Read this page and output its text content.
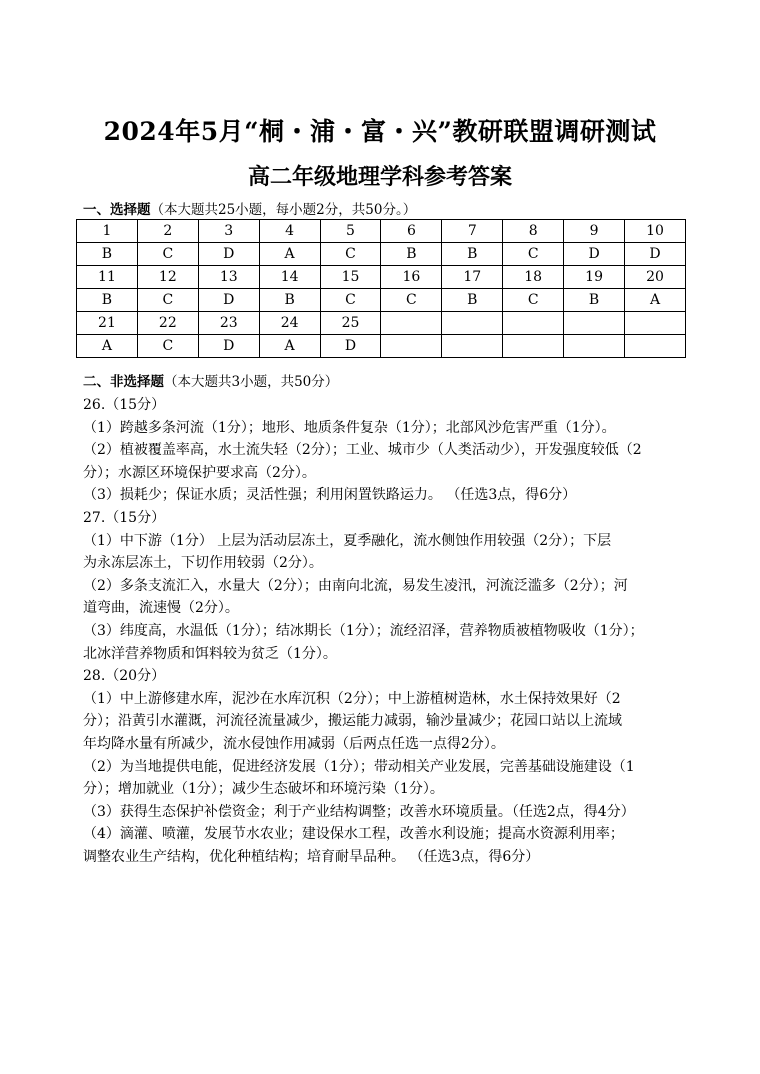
2024年5月“桐・浦・富・兴”教研联盟调研测试
高二年级地理学科参考答案
一、选择题（本大题共25小题，每小题2分，共50分。）
1	2	3	4	5	6	7	8	9	10
B	C	D	A	C	B	B	C	D	D
11	12	13	14	15	16	17	18	19	20
B	C	D	B	C	C	B	C	B	A
21	22	23	24	25					
A	C	D	A	D					
二、非选择题（本大题共3小题，共50分）
26.（15分）
（1）跨越多条河流（1分）；地形、地质条件复杂（1分）；北部风沙危害严重（1分）。
（2）植被覆盖率高，水土流失轻（2分）；工业、城市少（人类活动少），开发强度较低（2
分）；水源区环境保护要求高（2分）。
（3）损耗少；保证水质；灵活性强；利用闲置铁路运力。 （任选3点，得6分）
27.（15分）
（1）中下游（1分） 上层为活动层冻土，夏季融化，流水侧蚀作用较强（2分）；下层
为永冻层冻土，下切作用较弱（2分）。
（2）多条支流汇入，水量大（2分）；由南向北流，易发生凌汛，河流泛滥多（2分）；河
道弯曲，流速慢（2分）。
（3）纬度高，水温低（1分）；结冰期长（1分）；流经沼泽，营养物质被植物吸收（1分）；
北冰洋营养物质和饵料较为贫乏（1分）。
28.（20分）
（1）中上游修建水库，泥沙在水库沉积（2分）；中上游植树造林，水土保持效果好（2
分）；沿黄引水灌溉，河流径流量减少，搬运能力减弱，输沙量减少；花园口站以上流域
年均降水量有所减少，流水侵蚀作用减弱（后两点任选一点得2分）。
（2）为当地提供电能，促进经济发展（1分）；带动相关产业发展，完善基础设施建设（1
分）；增加就业（1分）；减少生态破坏和环境污染（1分）。
（3）获得生态保护补偿资金；利于产业结构调整；改善水环境质量。（任选2点，得4分）
（4）滴灌、喷灌，发展节水农业；建设保水工程，改善水利设施；提高水资源利用率；
调整农业生产结构，优化种植结构；培育耐旱品种。 （任选3点，得6分）
